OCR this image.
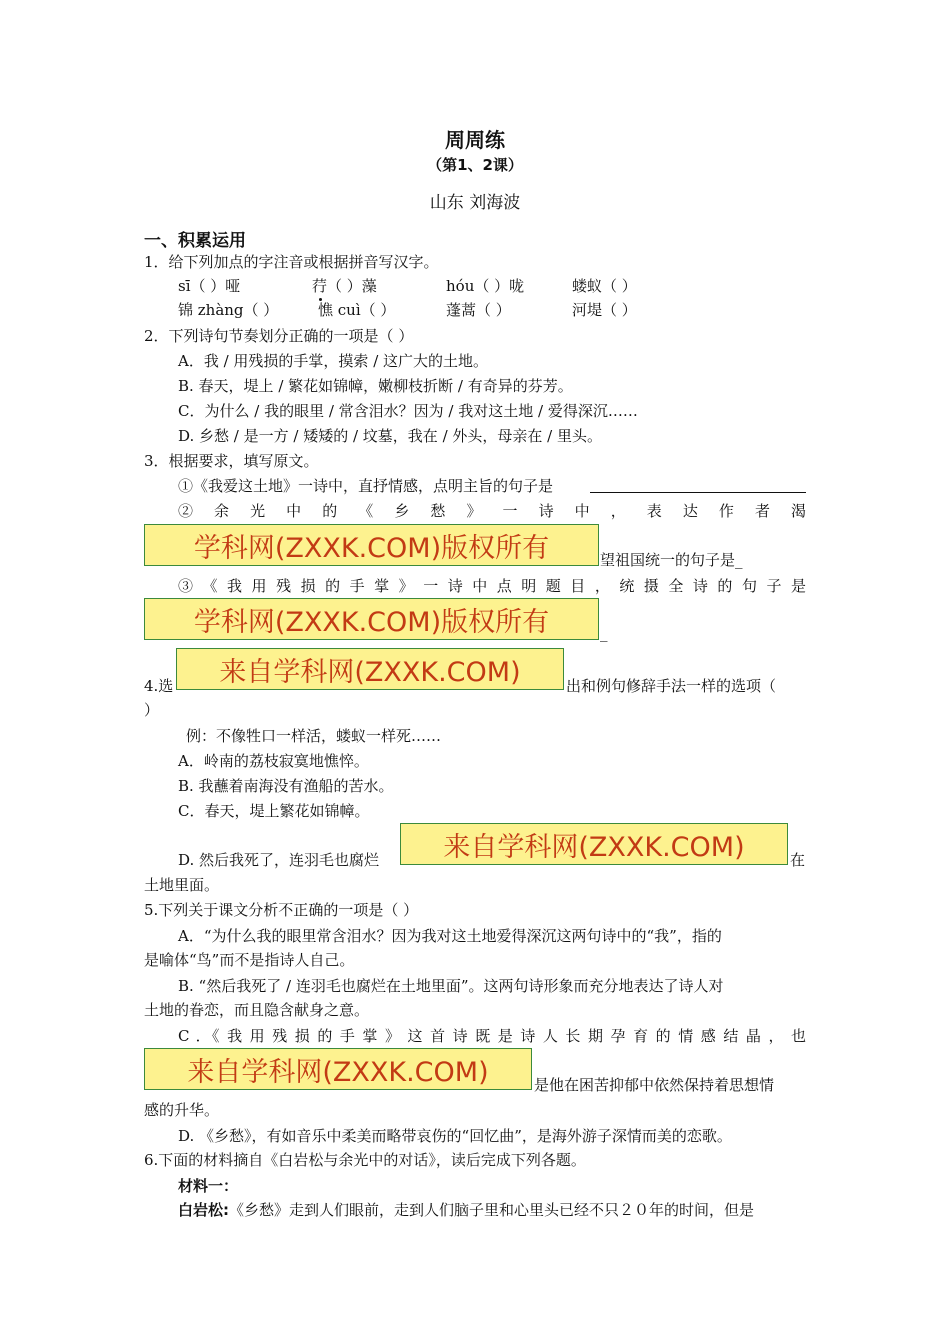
周周练
（第1、2课）
山东 刘海波
一、积累运用
1．给下列加点的字注音或根据拼音写汉字。
sī（ ）哑	荇（ ）藻	hóu（ ）咙	蝼蚁（ ）
锦 zhàng（ ）	憔 cuì（ ）	蓬蒿（ ）	河堤（ ）
2．下列诗句节奏划分正确的一项是（ ）
A．我 / 用残损的手掌，摸索 / 这广大的土地。
B. 春天，堤上 / 繁花如锦幛，嫩柳枝折断 / 有奇异的芬芳。
C．为什么 / 我的眼里 / 常含泪水？因为 / 我对这土地 / 爱得深沉……
D. 乡愁 / 是一方 / 矮矮的 / 坟墓，我在 / 外头，母亲在 / 里头。
3．根据要求，填写原文。
①《我爱这土地》一诗中，直抒情感，点明主旨的句子是
② 余 光 中 的 《 乡 愁 》 一 诗 中 ， 表 达 作 者 渴
学科网(ZXXK.COM)版权所有	望祖国统一的句子是_
③ 《 我 用 残 损 的 手 掌 》 一 诗 中 点 明 题 目 ， 统 摄 全 诗 的 句 子 是
学科网(ZXXK.COM)版权所有	_
来自学科网(ZXXK.COM)
4.选	出和例句修辞手法一样的选项（
）
例：不像牲口一样活，蝼蚁一样死……
A．岭南的荔枝寂寞地憔悴。
B. 我蘸着南海没有渔船的苦水。
C．春天，堤上繁花如锦幛。
来自学科网(ZXXK.COM)
D. 然后我死了，连羽毛也腐烂	在
土地里面。
5.下列关于课文分析不正确的一项是（ ）
A．“为什么我的眼里常含泪水？因为我对这土地爱得深沉这两句诗中的“我”，指的
是喻体“鸟”而不是指诗人自己。
B. “然后我死了 / 连羽毛也腐烂在土地里面”。这两句诗形象而充分地表达了诗人对
土地的眷恋，而且隐含献身之意。
C ．《 我 用 残 损 的 手 掌 》 这 首 诗 既 是 诗 人 长 期 孕 育 的 情 感 结 晶 ， 也
来自学科网(ZXXK.COM)	是他在困苦抑郁中依然保持着思想情
感的升华。
D. 《乡愁》，有如音乐中柔美而略带哀伤的“回忆曲”，是海外游子深情而美的恋歌。
6.下面的材料摘自《白岩松与余光中的对话》，读后完成下列各题。
材料一：
白岩松:《乡愁》走到人们眼前，走到人们脑子里和心里头已经不只２０年的时间，但是
